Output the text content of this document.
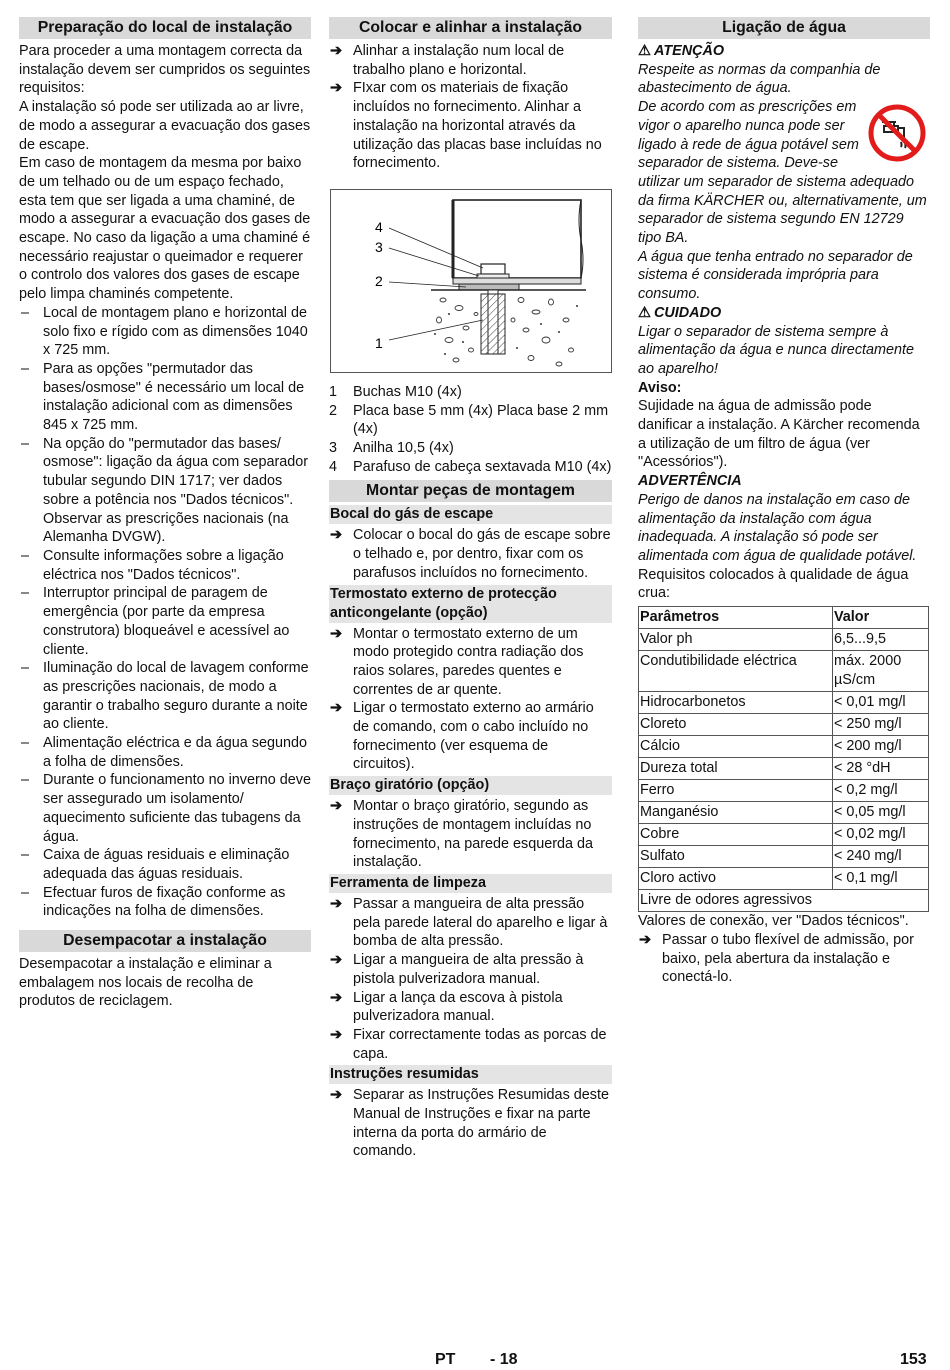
Preparação do local de instalação

Para proceder a uma montagem correcta da instalação devem ser cumpridos os seguintes requisitos:

A instalação só pode ser utilizada ao ar livre, de modo a assegurar a evacuação dos gases de escape.

Em caso de montagem da mesma por baixo de um telhado ou de um espaço fechado, esta tem que ser ligada a uma chaminé, de modo a assegurar a evacuação dos gases de escape. No caso da ligação a uma chaminé é necessário reajustar o queimador e requerer o controlo dos valores dos gases de escape pelo limpa chaminés competente.

– Local de montagem plano e horizontal de solo fixo e rígido com as dimensões 1040 x 725 mm.
– Para as opções "permutador das bases/osmose" é necessário um local de instalação adicional com as dimensões 845 x 725 mm.
– Na opção do "permutador das bases/ osmose": ligação da água com separador tubular segundo DIN 1717; ver dados sobre a potência nos "Dados técnicos". Observar as prescrições nacionais (na Alemanha DVGW).
– Consulte informações sobre a ligação eléctrica nos "Dados técnicos".
– Interruptor principal de paragem de emergência (por parte da empresa construtora) bloqueável e acessível ao cliente.
– Iluminação do local de lavagem conforme as prescrições nacionais, de modo a garantir o trabalho seguro durante a noite ao cliente.
– Alimentação eléctrica e da água segundo a folha de dimensões.
– Durante o funcionamento no inverno deve ser assegurado um isolamento/ aquecimento suficiente das tubagens da água.
– Caixa de águas residuais e eliminação adequada das águas residuais.
– Efectuar furos de fixação conforme as indicações na folha de dimensões.
Desempacotar a instalação

Desempacotar a instalação e eliminar a embalagem nos locais de recolha de produtos de reciclagem.

Colocar e alinhar a instalação
➔ Alinhar a instalação num local de trabalho plano e horizontal.
➔ FIxar com os materiais de fixação incluídos no fornecimento. Alinhar a instalação na horizontal através da utilização das placas base incluídas no fornecimento.
4
3
2
1
1 Buchas M10 (4x)
2 Placa base 5 mm (4x) Placa base 2 mm (4x)
3 Anilha 10,5 (4x)
4 Parafuso de cabeça sextavada M10 (4x)
Montar peças de montagem
Bocal do gás de escape
➔ Colocar o bocal do gás de escape sobre o telhado e, por dentro, fixar com os parafusos incluídos no fornecimento.
Termostato externo de protecção anticongelante (opção)
➔ Montar o termostato externo de um modo protegido contra radiação dos raios solares, paredes quentes e correntes de ar quente.
➔ Ligar o termostato externo ao armário de comando, com o cabo incluído no fornecimento (ver esquema de circuitos).
Braço giratório (opção)
➔ Montar o braço giratório, segundo as instruções de montagem incluídas no fornecimento, na parede esquerda da instalação.
Ferramenta de limpeza
➔ Passar a mangueira de alta pressão pela parede lateral do aparelho e ligar à bomba de alta pressão.
➔ Ligar a mangueira de alta pressão à pistola pulverizadora manual.
➔ Ligar a lança da escova à pistola pulverizadora manual.
➔ Fixar correctamente todas as porcas de capa.
Instruções resumidas
➔ Separar as Instruções Resumidas deste Manual de Instruções e fixar na parte interna da porta do armário de comando.
Ligação de água
⚠ ATENÇÃO

Respeite as normas da companhia de abastecimento de água.

De acordo com as prescrições em vigor o aparelho nunca pode ser ligado à rede de água potável sem separador de sistema. Deve-se utilizar um separador de sistema adequado da firma KÄRCHER ou, alternativamente, um separador de sistema segundo EN 12729 tipo BA.

A água que tenha entrado no separador de sistema é considerada imprópria para consumo.

⚠ CUIDADO

Ligar o separador de sistema sempre à alimentação da água e nunca directamente ao aparelho!

Aviso:

Sujidade na água de admissão pode danificar a instalação. A Kärcher recomenda a utilização de um filtro de água (ver "Acessórios").

ADVERTÊNCIA

Perigo de danos na instalação em caso de alimentação da instalação com água inadequada. A instalação só pode ser alimentada com água de qualidade potável.

Requisitos colocados à qualidade de água crua:

Parâmetros	Valor
Valor ph	6,5...9,5
Condutibilidade eléctrica	máx. 2000 µS/cm
Hidrocarbonetos	< 0,01 mg/l
Cloreto	< 250 mg/l
Cálcio	< 200 mg/l
Dureza total	< 28 °dH
Ferro	< 0,2 mg/l
Manganésio	< 0,05 mg/l
Cobre	< 0,02 mg/l
Sulfato	< 240 mg/l
Cloro activo	< 0,1 mg/l
Livre de odores agressivos	

Valores de conexão, ver "Dados técnicos".

➔ Passar o tubo flexível de admissão, por baixo, pela abertura da instalação e conectá-lo.
PT - 18	153
